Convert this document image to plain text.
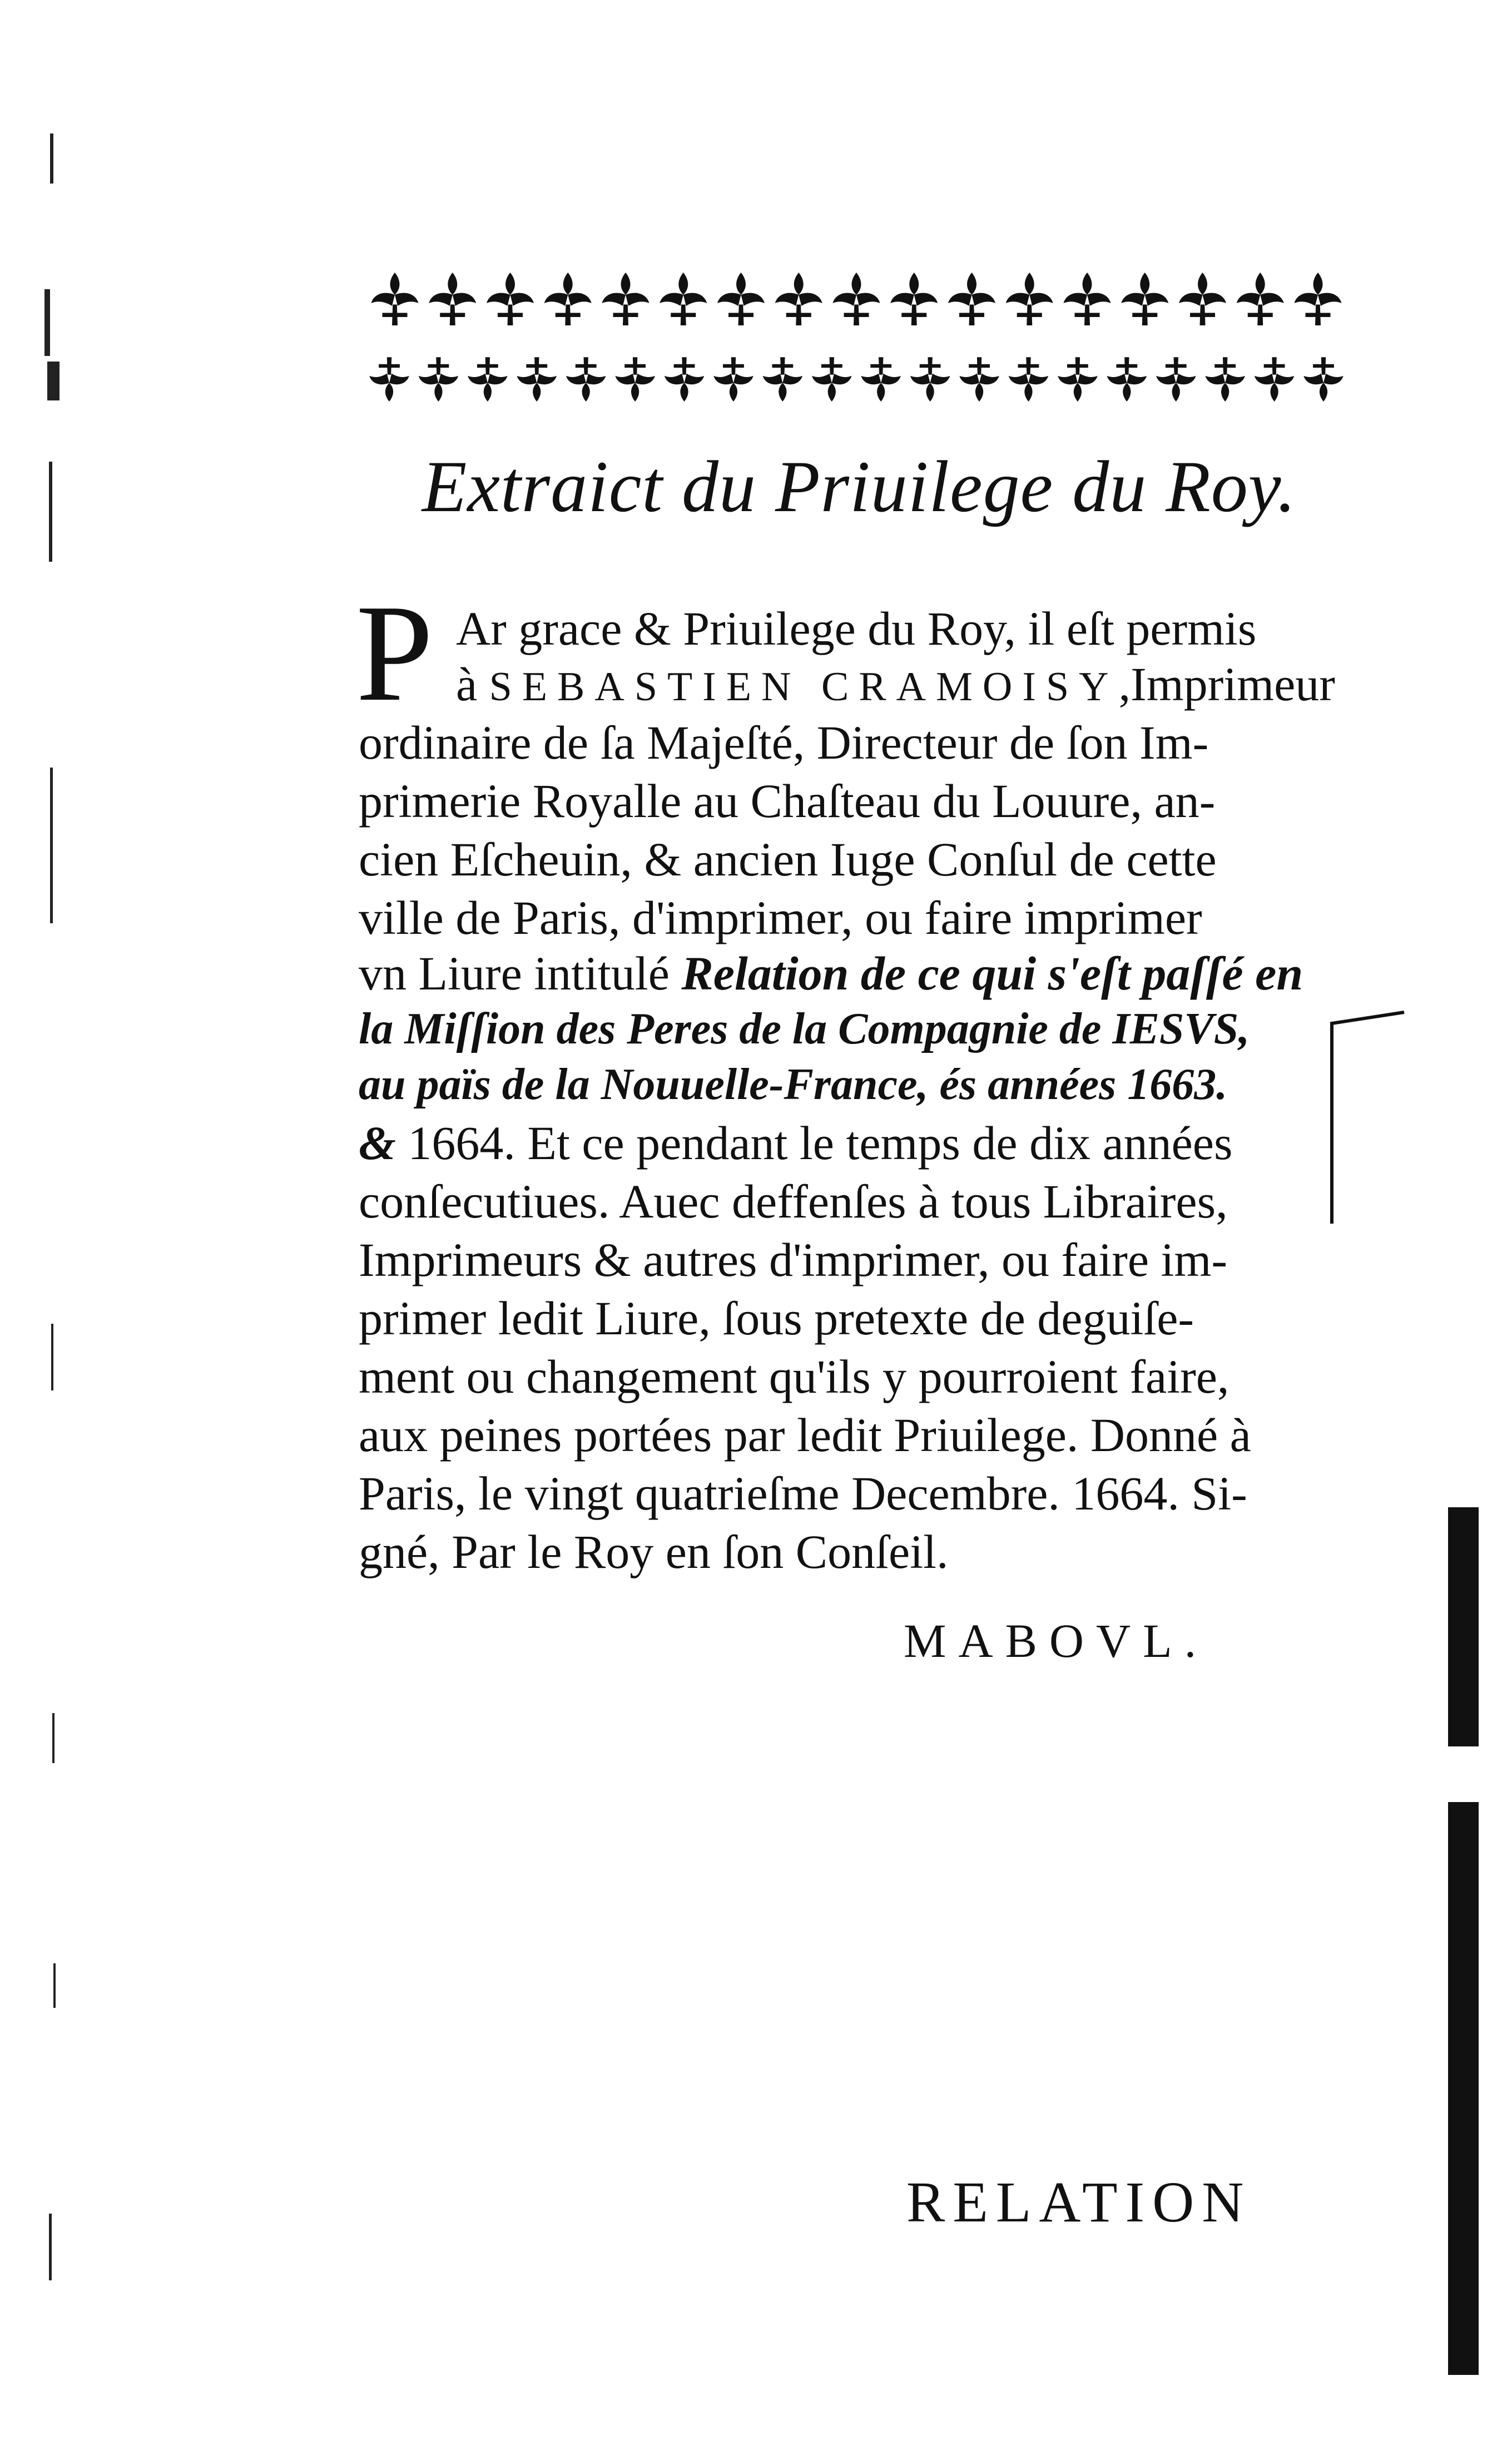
Extraict du Priuilege du Roy.
P Ar grace & Priuilege du Roy, il eſt permis
à SEBASTIEN CRAMOISY,Imprimeur
ordinaire de ſa Majeſté, Directeur de ſon Im-
primerie Royalle au Chaſteau du Louure, an-
cien Eſcheuin, & ancien Iuge Conſul de cette
ville de Paris, d'imprimer, ou faire imprimer
vn Liure intitulé Relation de ce qui s'eſt paſſé en
la Miſſion des Peres de la Compagnie de IESVS,
au païs de la Nouuelle-France, és années 1663.
& 1664. Et ce pendant le temps de dix années
conſecutiues. Auec deffenſes à tous Libraires,
Imprimeurs & autres d'imprimer, ou faire im-
primer ledit Liure, ſous pretexte de deguiſe-
ment ou changement qu'ils y pourroient faire,
aux peines portées par ledit Priuilege. Donné à
Paris, le vingt quatrieſme Decembre. 1664. Si-
gné, Par le Roy en ſon Conſeil.
MABOVL.
RELATION
